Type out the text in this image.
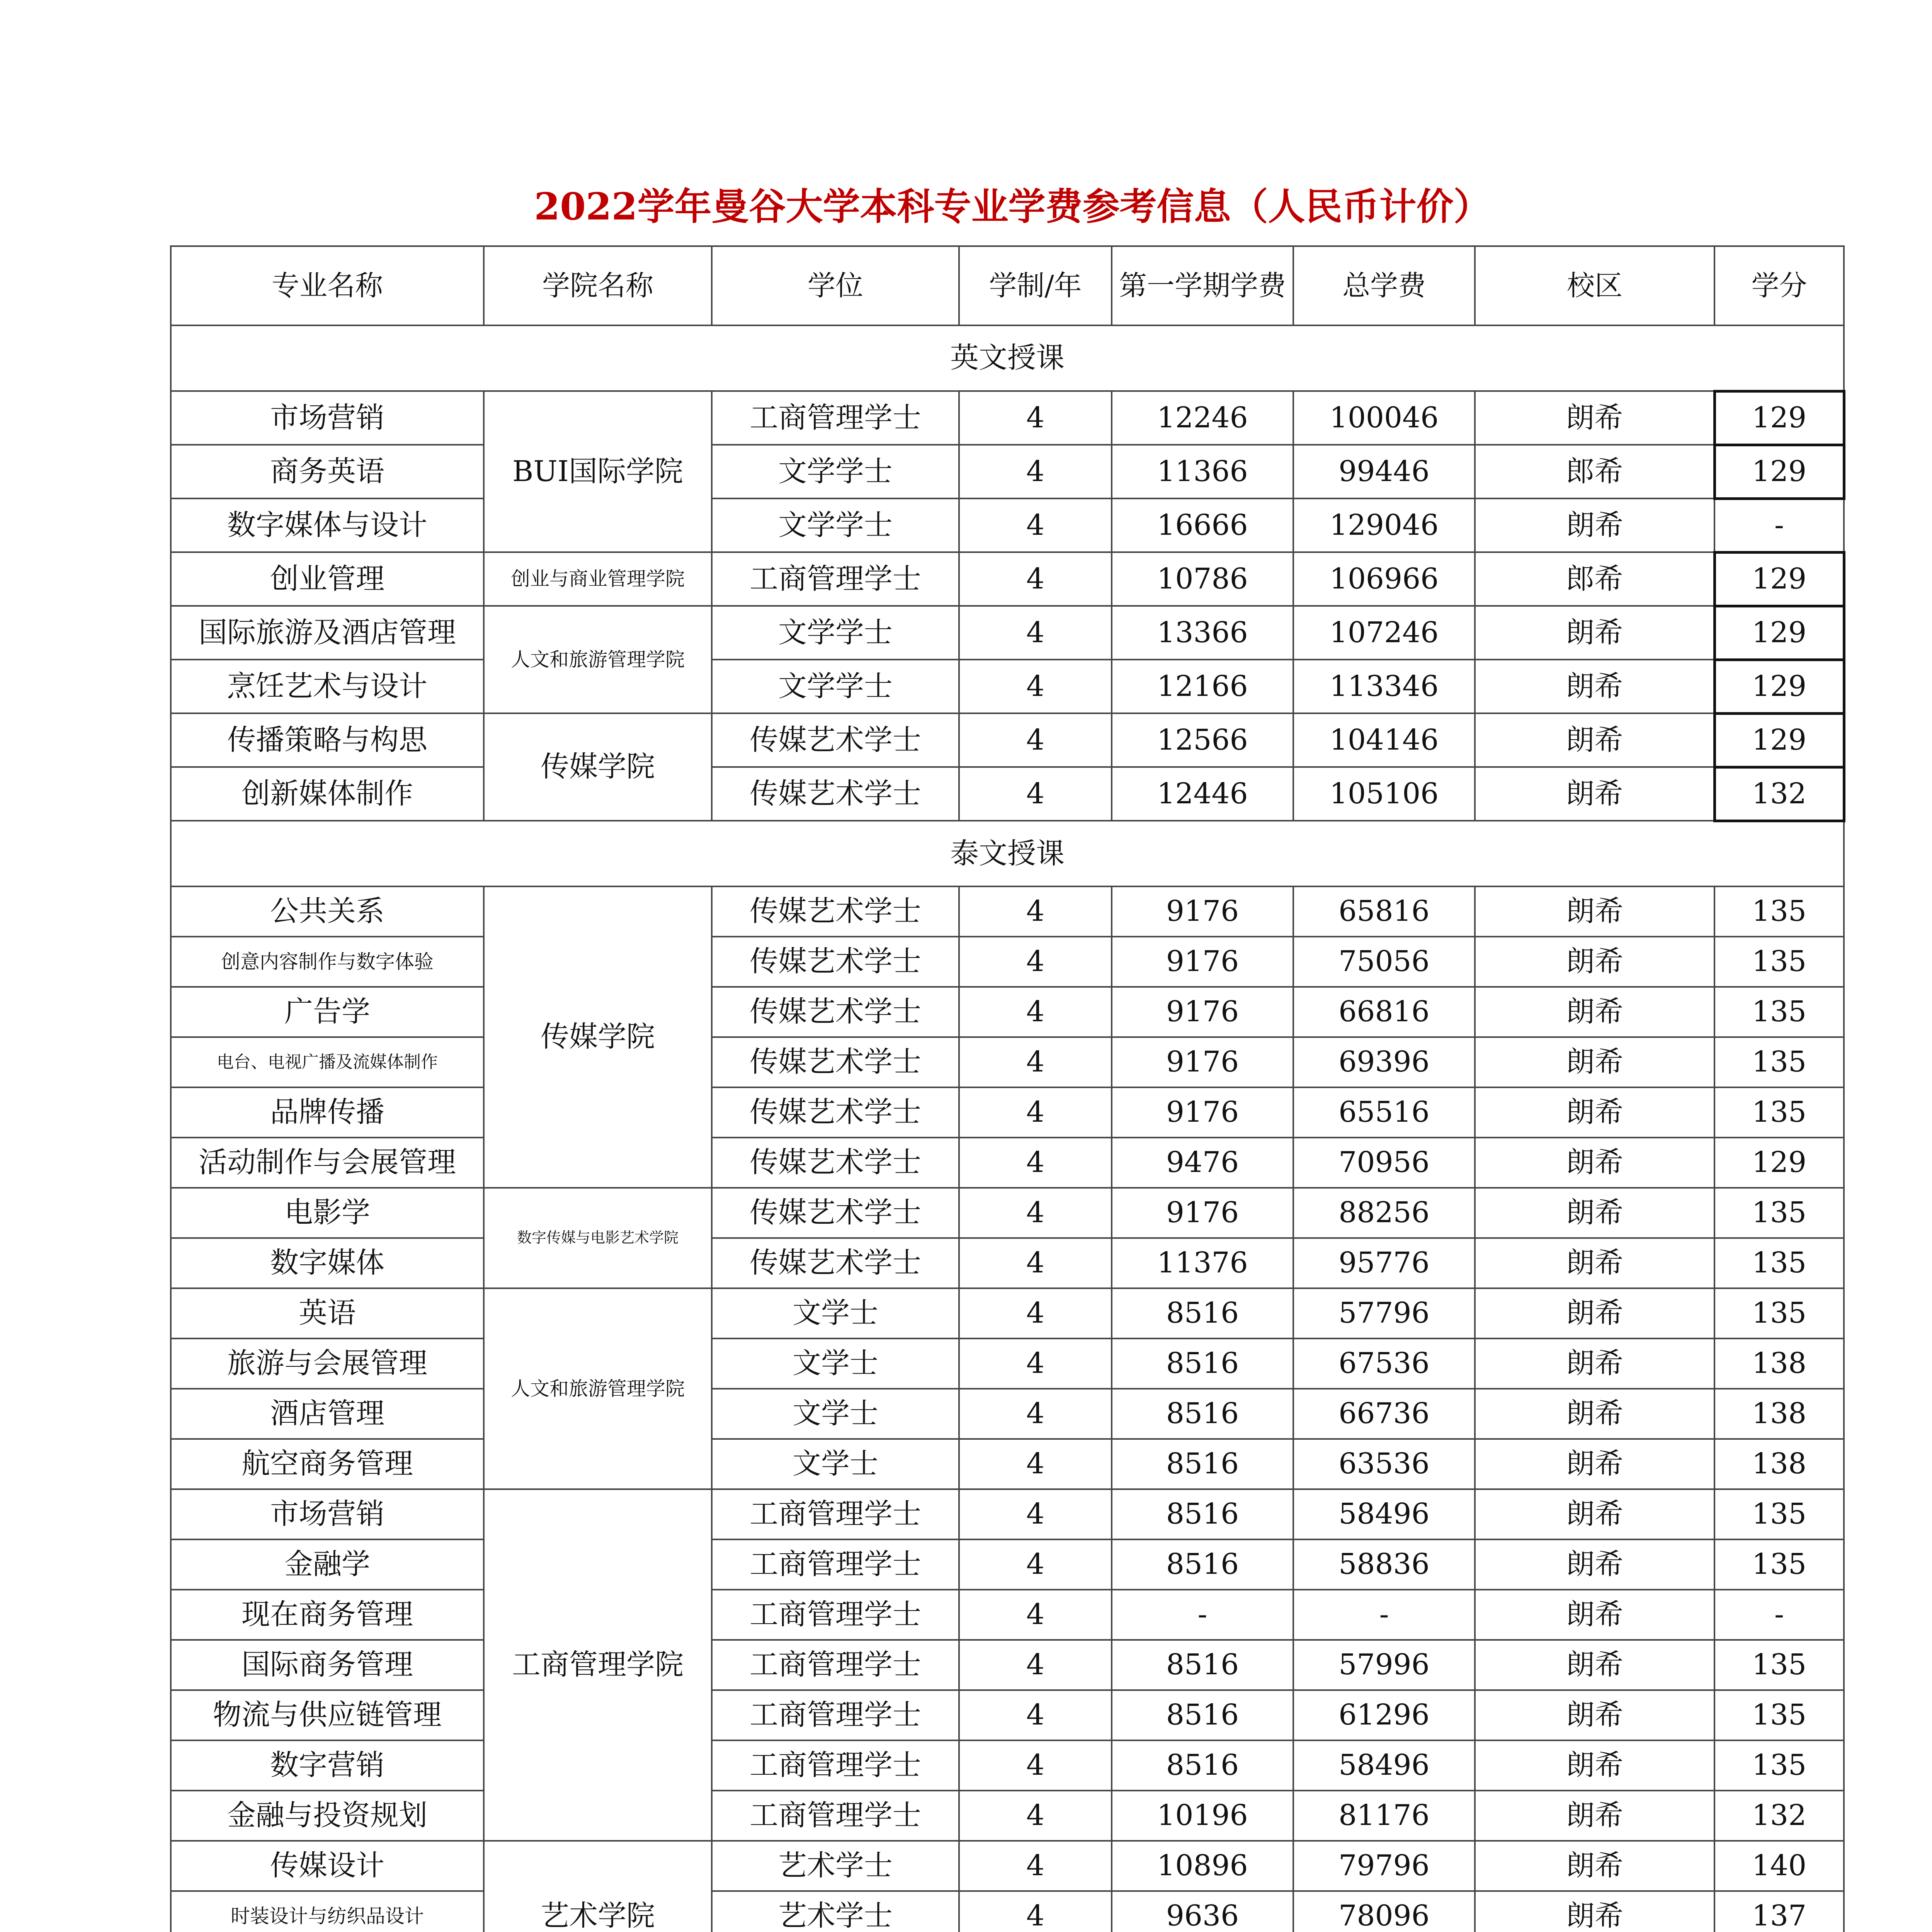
2022学年曼谷大学本科专业学费参考信息（人民币计价）
专业名称	学院名称	学位	学制/年	第一学期学费	总学费	校区	学分
英文授课							
市场营销	BUI国际学院	工商管理学士	4	12246	100046	朗希	129
商务英语		文学学士	4	11366	99446	郎希	129
数字媒体与设计		文学学士	4	16666	129046	朗希	-
创业管理	创业与商业管理学院	工商管理学士	4	10786	106966	郎希	129
国际旅游及酒店管理	人文和旅游管理学院	文学学士	4	13366	107246	朗希	129
烹饪艺术与设计		文学学士	4	12166	113346	朗希	129
传播策略与构思	传媒学院	传媒艺术学士	4	12566	104146	朗希	129
创新媒体制作		传媒艺术学士	4	12446	105106	朗希	132
泰文授课							
公共关系	传媒学院	传媒艺术学士	4	9176	65816	朗希	135
创意内容制作与数字体验		传媒艺术学士	4	9176	75056	朗希	135
广告学		传媒艺术学士	4	9176	66816	朗希	135
电台、电视广播及流媒体制作		传媒艺术学士	4	9176	69396	朗希	135
品牌传播		传媒艺术学士	4	9176	65516	朗希	135
活动制作与会展管理		传媒艺术学士	4	9476	70956	朗希	129
电影学	数字传媒与电影艺术学院	传媒艺术学士	4	9176	88256	朗希	135
数字媒体		传媒艺术学士	4	11376	95776	朗希	135
英语	人文和旅游管理学院	文学士	4	8516	57796	朗希	135
旅游与会展管理		文学士	4	8516	67536	朗希	138
酒店管理		文学士	4	8516	66736	朗希	138
航空商务管理		文学士	4	8516	63536	朗希	138
市场营销	工商管理学院	工商管理学士	4	8516	58496	朗希	135
金融学		工商管理学士	4	8516	58836	朗希	135
现在商务管理		工商管理学士	4	-	-	朗希	-
国际商务管理		工商管理学士	4	8516	57996	朗希	135
物流与供应链管理		工商管理学士	4	8516	61296	朗希	135
数字营销		工商管理学士	4	8516	58496	朗希	135
金融与投资规划		工商管理学士	4	10196	81176	朗希	132
传媒设计	艺术学院	艺术学士	4	10896	79796	朗希	140
时装设计与纺织品设计		艺术学士	4	9636	78096	朗希	137
